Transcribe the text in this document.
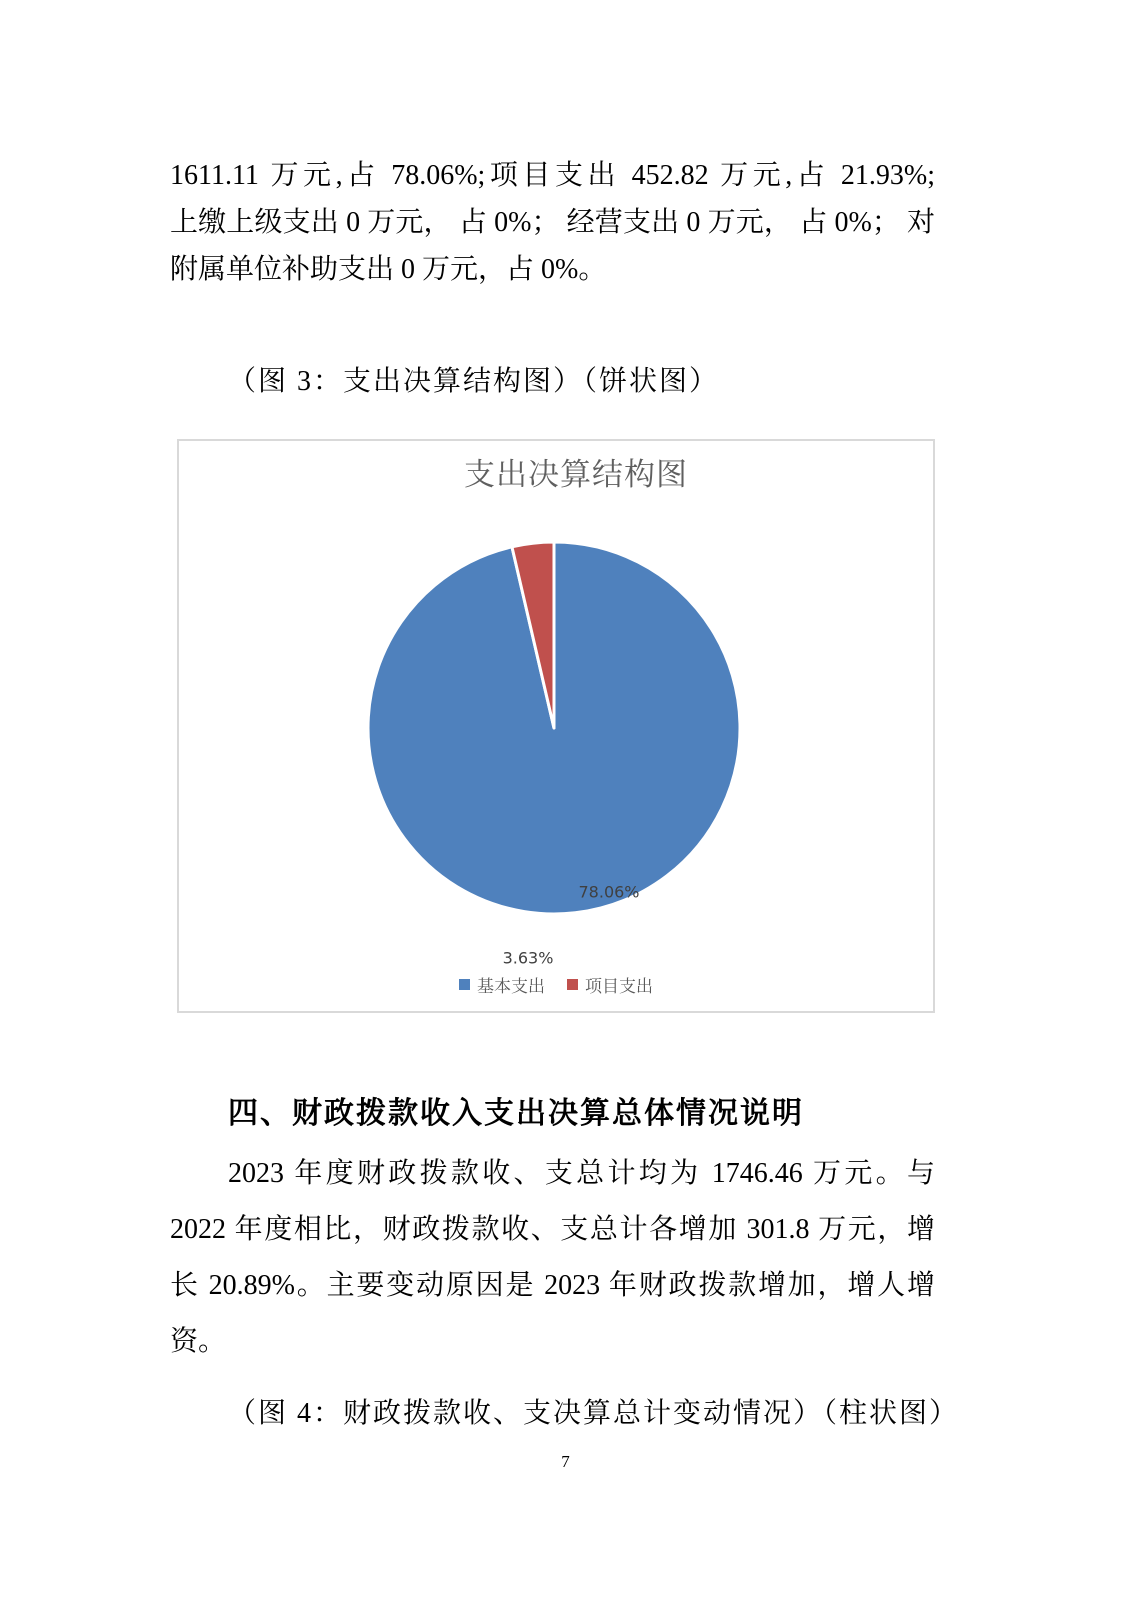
1611.11 万元,占 78.06%;项目支出 452.82 万元,占 21.93%;
上缴上级支出 0 万元， 占 0%； 经营支出 0 万元， 占 0%； 对
附属单位补助支出 0 万元，占 0%。
（图 3：支出决算结构图）（饼状图）
支出决算结构图
3.63%
78.06%
基本支出 项目支出
四、财政拨款收入支出决算总体情况说明
2023 年度财政拨款收、支总计均为 1746.46 万元。与
2022 年度相比，财政拨款收、支总计各增加 301.8 万元，增
长 20.89%。主要变动原因是 2023 年财政拨款增加，增人增
资。
（图 4：财政拨款收、支决算总计变动情况）（柱状图）
7
